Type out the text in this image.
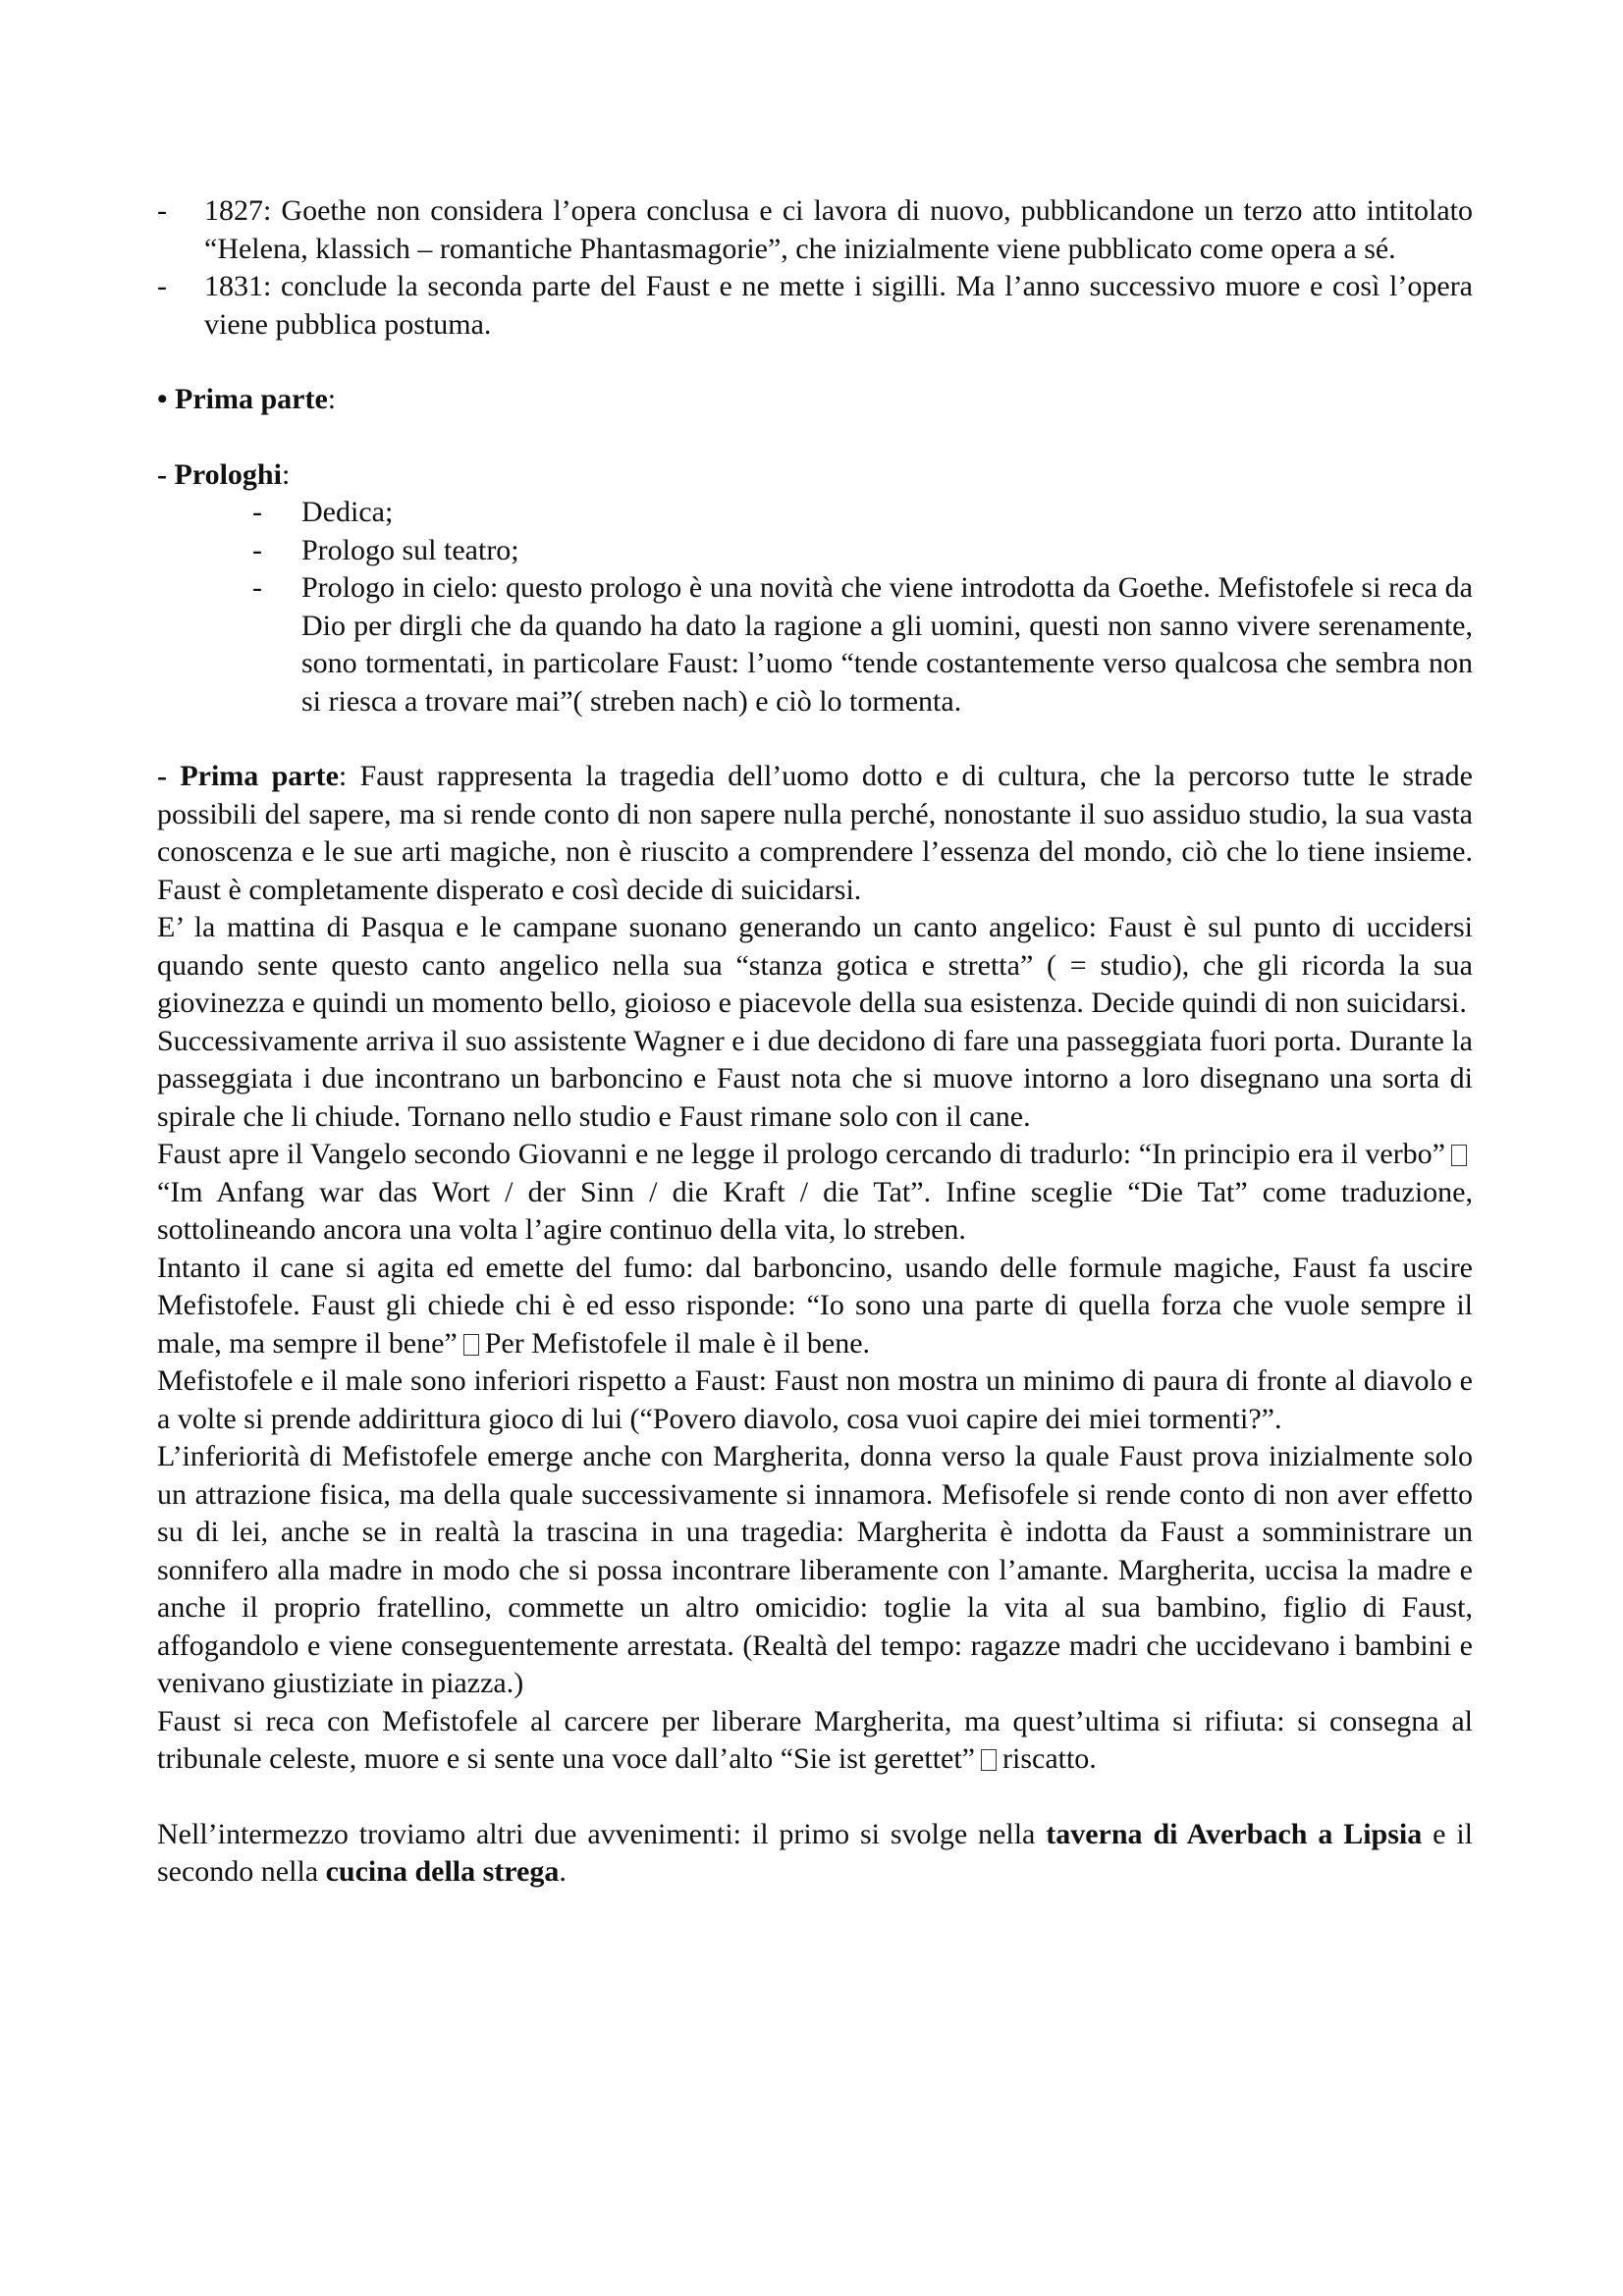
-	1827: Goethe non considera l’opera conclusa e ci lavora di nuovo, pubblicandone un terzo atto intitolato “Helena, klassich – romantiche Phantasmagorie”, che inizialmente viene pubblicato come opera a sé.
-	1831: conclude la seconda parte del Faust e ne mette i sigilli. Ma l’anno successivo muore e così l’opera viene pubblica postuma.

• Prima parte:

- Prologhi:

- Dedica;
- Prologo sul teatro;
- Prologo in cielo: questo prologo è una novità che viene introdotta da Goethe. Mefistofele si reca da Dio per dirgli che da quando ha dato la ragione a gli uomini, questi non sanno vivere serenamente, sono tormentati, in particolare Faust: l’uomo “tende costantemente verso qualcosa che sembra non si riesca a trovare mai”( streben nach) e ciò lo tormenta.

- Prima parte: Faust rappresenta la tragedia dell’uomo dotto e di cultura, che la percorso tutte le strade possibili del sapere, ma si rende conto di non sapere nulla perché, nonostante il suo assiduo studio, la sua vasta conoscenza e le sue arti magiche, non è riuscito a comprendere l’essenza del mondo, ciò che lo tiene insieme. Faust è completamente disperato e così decide di suicidarsi.

E’ la mattina di Pasqua e le campane suonano generando un canto angelico: Faust è sul punto di uccidersi quando sente questo canto angelico nella sua “stanza gotica e stretta” ( = studio), che gli ricorda la sua giovinezza e quindi un momento bello, gioioso e piacevole della sua esistenza. Decide quindi di non suicidarsi.

Successivamente arriva il suo assistente Wagner e i due decidono di fare una passeggiata fuori porta. Durante la passeggiata i due incontrano un barboncino e Faust nota che si muove intorno a loro disegnano una sorta di spirale che li chiude. Tornano nello studio e Faust rimane solo con il cane.

Faust apre il Vangelo secondo Giovanni e ne legge il prologo cercando di tradurlo: “In principio era il verbo”“Im Anfang war das Wort / der Sinn / die Kraft / die Tat”. Infine sceglie “Die Tat” come traduzione, sottolineando ancora una volta l’agire continuo della vita, lo streben.

Intanto il cane si agita ed emette del fumo: dal barboncino, usando delle formule magiche, Faust fa uscire Mefistofele. Faust gli chiede chi è ed esso risponde: “Io sono una parte di quella forza che vuole sempre il male, ma sempre il bene” Per Mefistofele il male è il bene.

Mefistofele e il male sono inferiori rispetto a Faust: Faust non mostra un minimo di paura di fronte al diavolo e a volte si prende addirittura gioco di lui (“Povero diavolo, cosa vuoi capire dei miei tormenti?”.

L’inferiorità di Mefistofele emerge anche con Margherita, donna verso la quale Faust prova inizialmente solo un attrazione fisica, ma della quale successivamente si innamora. Mefisofele si rende conto di non aver effetto su di lei, anche se in realtà la trascina in una tragedia: Margherita è indotta da Faust a somministrare un sonnifero alla madre in modo che si possa incontrare liberamente con l’amante. Margherita, uccisa la madre e anche il proprio fratellino, commette un altro omicidio: toglie la vita al sua bambino, figlio di Faust, affogandolo e viene conseguentemente arrestata. (Realtà del tempo: ragazze madri che uccidevano i bambini e venivano giustiziate in piazza.)

Faust si reca con Mefistofele al carcere per liberare Margherita, ma quest’ultima si rifiuta: si consegna al tribunale celeste, muore e si sente una voce dall’alto “Sie ist gerettet” riscatto.

Nell’intermezzo troviamo altri due avvenimenti: il primo si svolge nella taverna di Averbach a Lipsia e il secondo nella cucina della strega.
